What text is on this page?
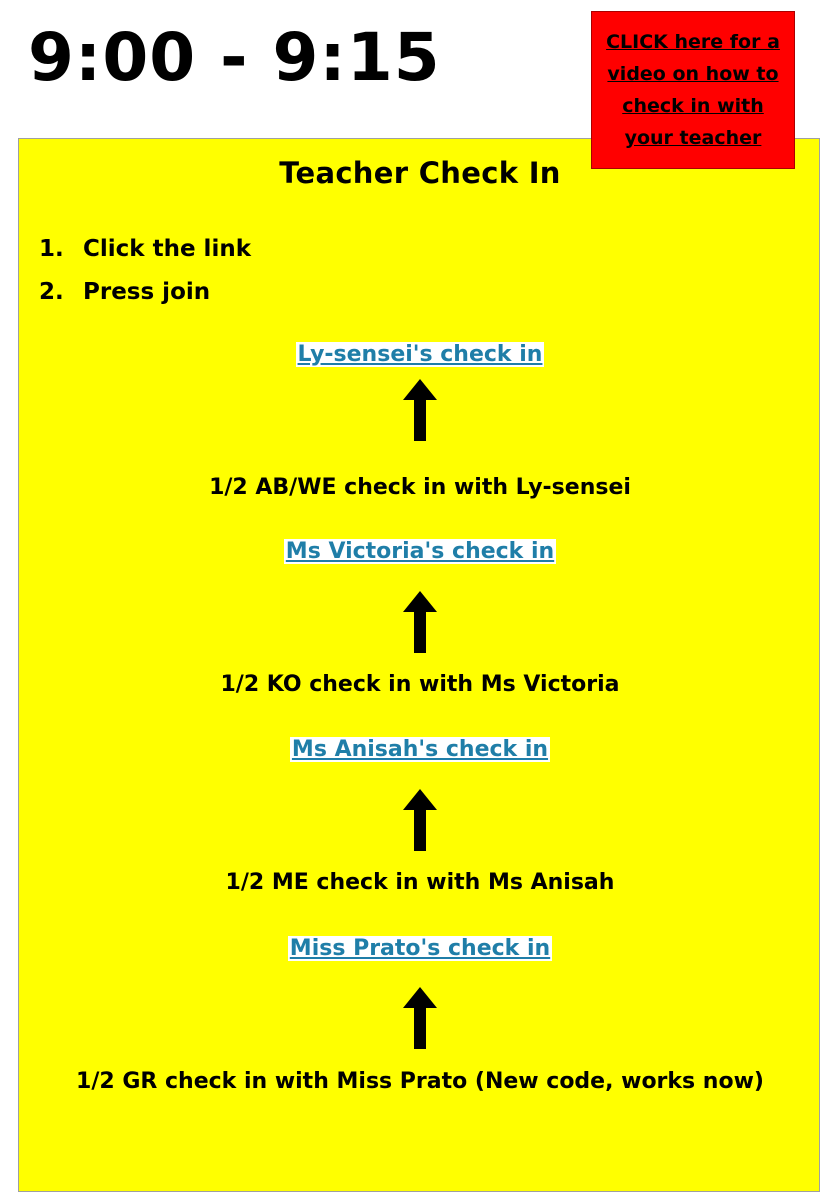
9:00 - 9:15	CLICK here for a
video on how to
check in with
your teacher
Teacher Check In
1. Click the link
2. Press join
Ly-sensei's check in
1/2 AB/WE check in with Ly-sensei
Ms Victoria's check in
1/2 KO check in with Ms Victoria
Ms Anisah's check in
1/2 ME check in with Ms Anisah
Miss Prato's check in
1/2 GR check in with Miss Prato (New code, works now)
